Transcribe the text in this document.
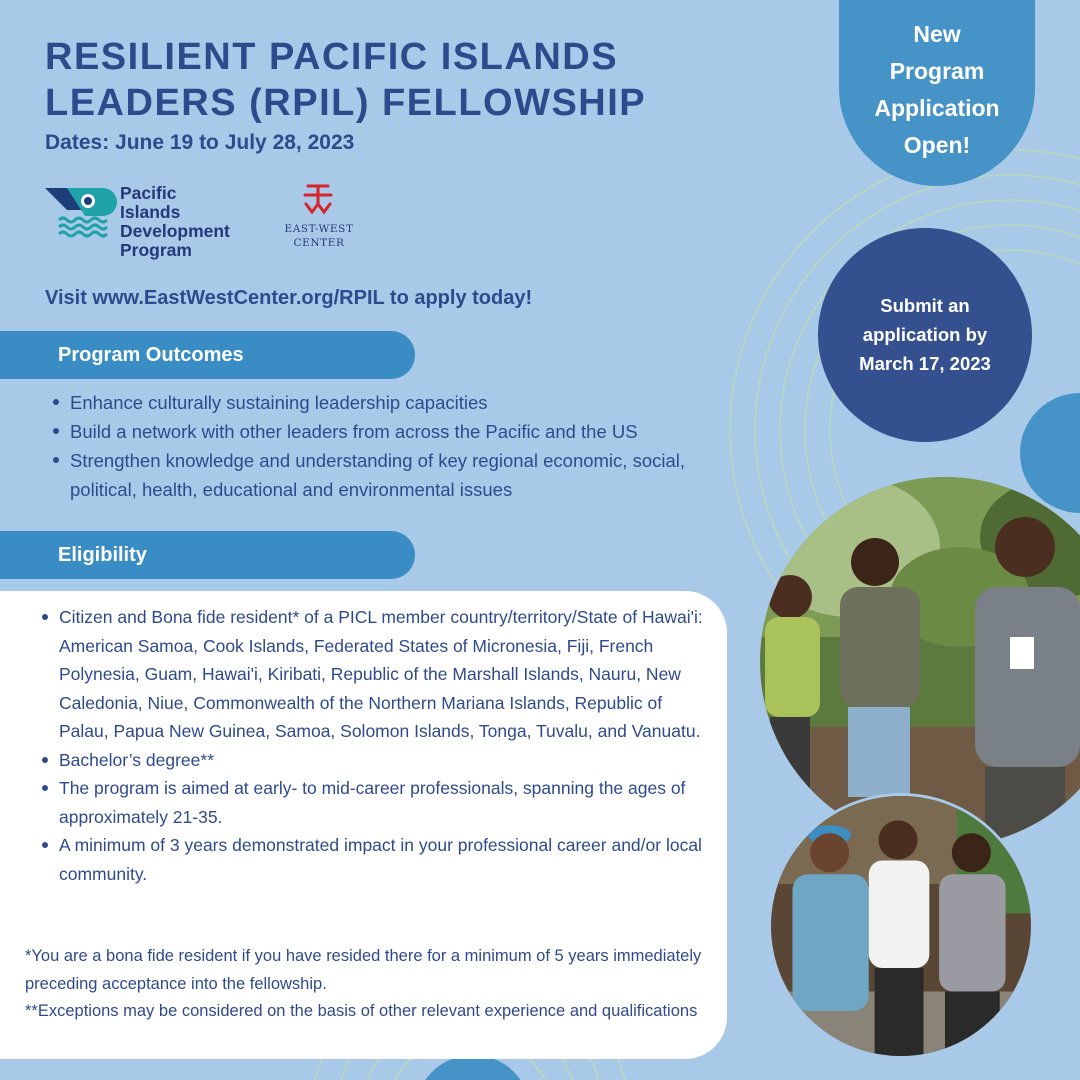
RESILIENT PACIFIC ISLANDS
LEADERS (RPIL) FELLOWSHIP
Dates: June 19 to July 28, 2023
Pacific
Islands
Development
Program
EAST-WEST
CENTER
Visit www.EastWestCenter.org/RPIL to apply today!
Program Outcomes
Enhance culturally sustaining leadership capacities
Build a network with other leaders from across the Pacific and the US
Strengthen knowledge and understanding of key regional economic, social, political, health, educational and environmental issues
Eligibility
Citizen and Bona fide resident* of a PICL member country/territory/State of Hawai'i: American Samoa, Cook Islands, Federated States of Micronesia, Fiji, French Polynesia, Guam, Hawai'i, Kiribati, Republic of the Marshall Islands, Nauru, New Caledonia, Niue, Commonwealth of the Northern Mariana Islands, Republic of Palau, Papua New Guinea, Samoa, Solomon Islands, Tonga, Tuvalu, and Vanuatu.
Bachelor’s degree**
The program is aimed at early- to mid-career professionals, spanning the ages of approximately 21-35.
A minimum of 3 years demonstrated impact in your professional career and/or local community.
*You are a bona fide resident if you have resided there for a minimum of 5 years immediately preceding acceptance into the fellowship.
**Exceptions may be considered on the basis of other relevant experience and qualifications
New
Program
Application
Open!
Submit an
application by
March 17, 2023
